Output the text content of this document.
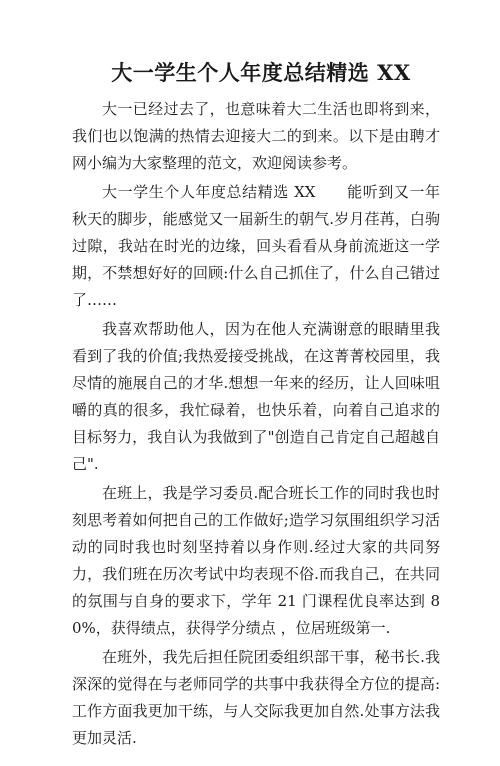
大一学生个人年度总结精选 XX

大一已经过去了，也意味着大二生活也即将到来，我们也以饱满的热情去迎接大二的到来。以下是由聘才网小编为大家整理的范文，欢迎阅读参考。

大一学生个人年度总结精选 XX　　能听到又一年秋天的脚步，能感觉又一届新生的朝气.岁月荏苒，白驹过隙，我站在时光的边缘，回头看看从身前流逝这一学期，不禁想好好的回顾:什么自己抓住了，什么自己错过了……

我喜欢帮助他人，因为在他人充满谢意的眼睛里我看到了我的价值;我热爱接受挑战，在这菁菁校园里，我尽情的施展自己的才华.想想一年来的经历，让人回味咀嚼的真的很多，我忙碌着，也快乐着，向着自己追求的目标努力，我自认为我做到了"创造自己肯定自己超越自己".

在班上，我是学习委员.配合班长工作的同时我也时刻思考着如何把自己的工作做好;造学习氛围组织学习活动的同时我也时刻坚持着以身作则.经过大家的共同努力，我们班在历次考试中均表现不俗.而我自己，在共同的氛围与自身的要求下，学年 21 门课程优良率达到 80%，获得绩点，获得学分绩点 ，位居班级第一.

在班外，我先后担任院团委组织部干事，秘书长.我深深的觉得在与老师同学的共事中我获得全方位的提高:工作方面我更加干练，与人交际我更加自然.处事方法我更加灵活.
